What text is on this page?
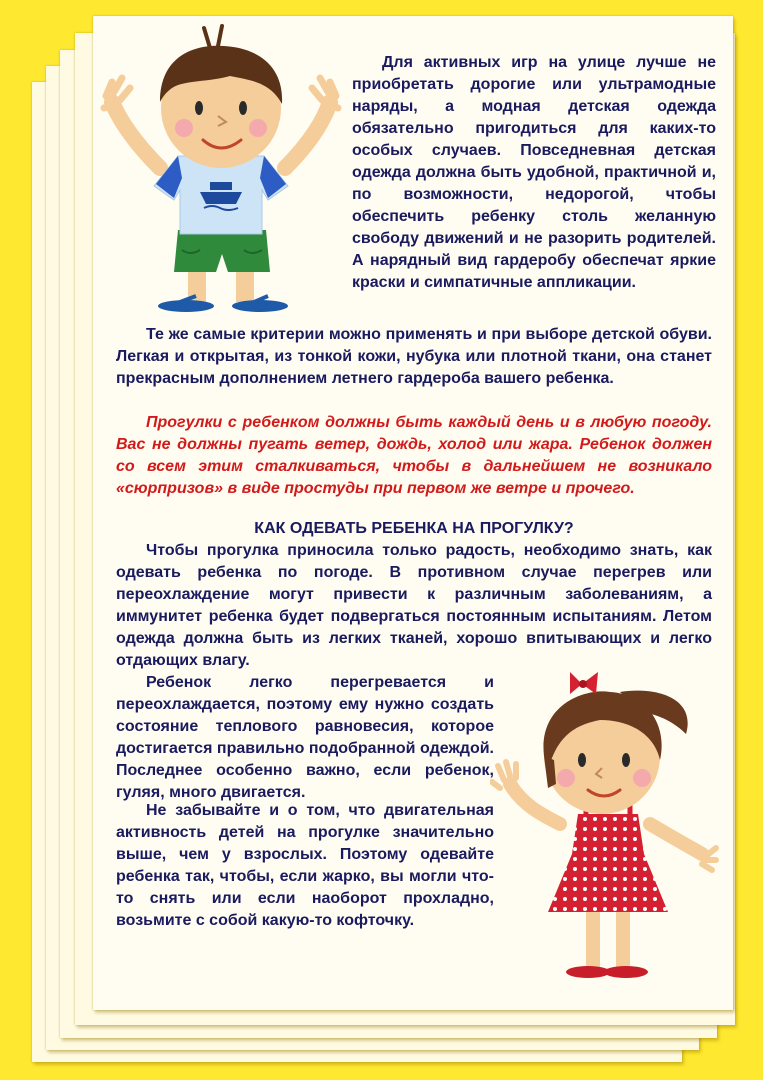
Для активных игр на улице лучше не приобретать дорогие или ультрамодные наряды, а модная детская одежда обязательно пригодиться для каких-то особых случаев. Повседневная детская одежда должна быть удобной, практичной и, по возможности, недорогой, чтобы обеспечить ребенку столь желанную свободу движений и не разорить родителей. А нарядный вид гардеробу обеспечат яркие краски и симпатичные аппликации.

Те же самые критерии можно применять и при выборе детской обуви. Легкая и открытая, из тонкой кожи, нубука или плотной ткани, она станет прекрасным дополнением летнего гардероба вашего ребенка.

Прогулки с ребенком должны быть каждый день и в любую погоду. Вас не должны пугать ветер, дождь, холод или жара. Ребенок должен со всем этим сталкиваться, чтобы в дальнейшем не возникало «сюрпризов» в виде простуды при первом же ветре и прочего.

КАК ОДЕВАТЬ РЕБЕНКА НА ПРОГУЛКУ?

Чтобы прогулка приносила только радость, необходимо знать, как одевать ребенка по погоде. В противном случае перегрев или переохлаждение могут привести к различным заболеваниям, а иммунитет ребенка будет подвергаться постоянным испытаниям. Летом одежда должна быть из легких тканей, хорошо впитывающих и легко отдающих влагу.

Ребенок легко перегревается и переохлаждается, поэтому ему нужно создать состояние теплового равновесия, которое достигается правильно подобранной одеждой. Последнее особенно важно, если ребенок, гуляя, много двигается.

Не забывайте и о том, что двигательная активность детей на прогулке значительно выше, чем у взрослых. Поэтому одевайте ребенка так, чтобы, если жарко, вы могли что-то снять или если наоборот прохладно, возьмите с собой какую-то кофточку.
